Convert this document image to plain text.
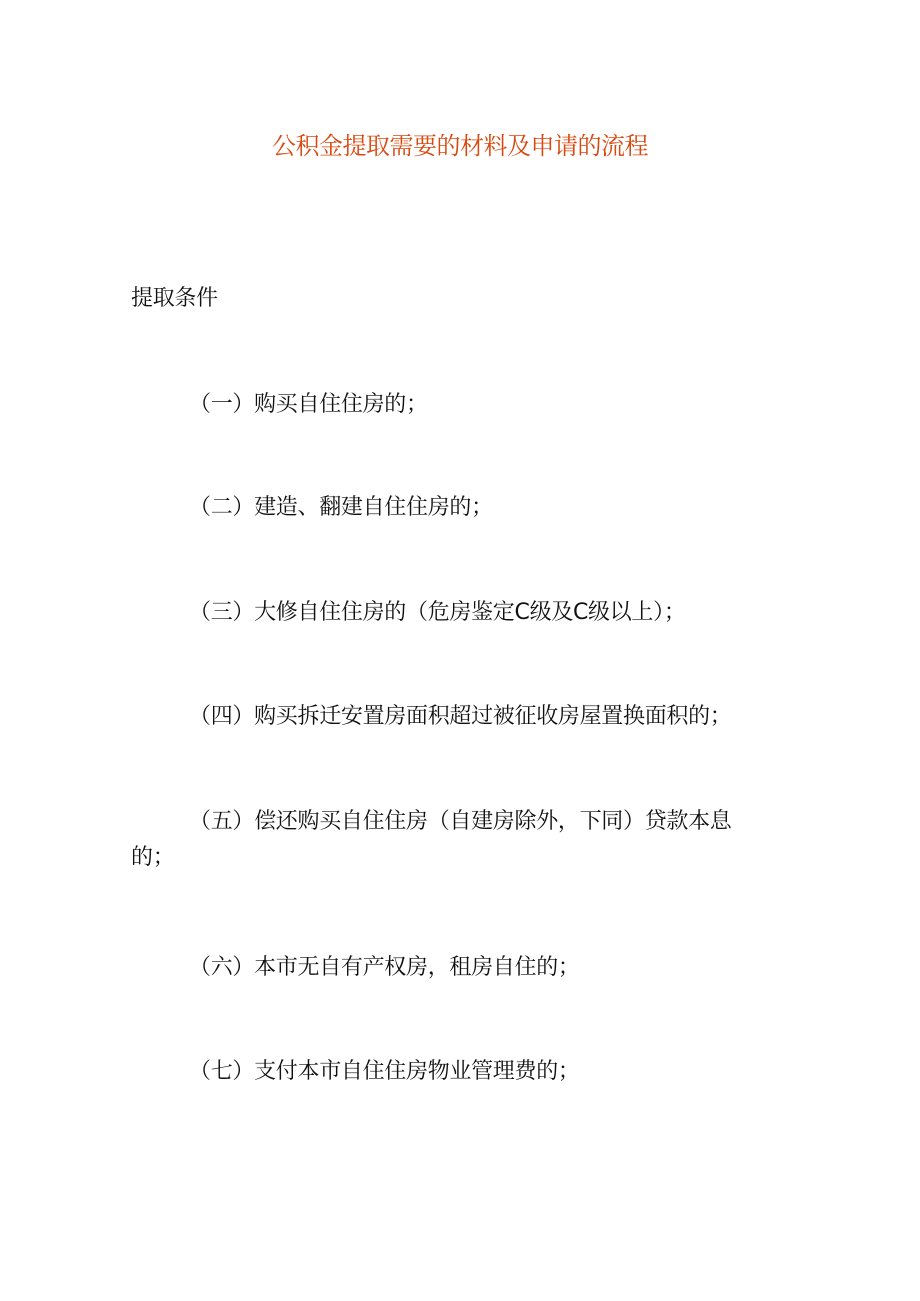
公积金提取需要的材料及申请的流程
提取条件

（一）购买自住住房的；

（二）建造、翻建自住住房的；

（三）大修自住住房的（危房鉴定C级及C级以上）；

（四）购买拆迁安置房面积超过被征收房屋置换面积的；

（五）偿还购买自住住房（自建房除外，下同）贷款本息的；

（六）本市无自有产权房，租房自住的；

（七）支付本市自住住房物业管理费的；
